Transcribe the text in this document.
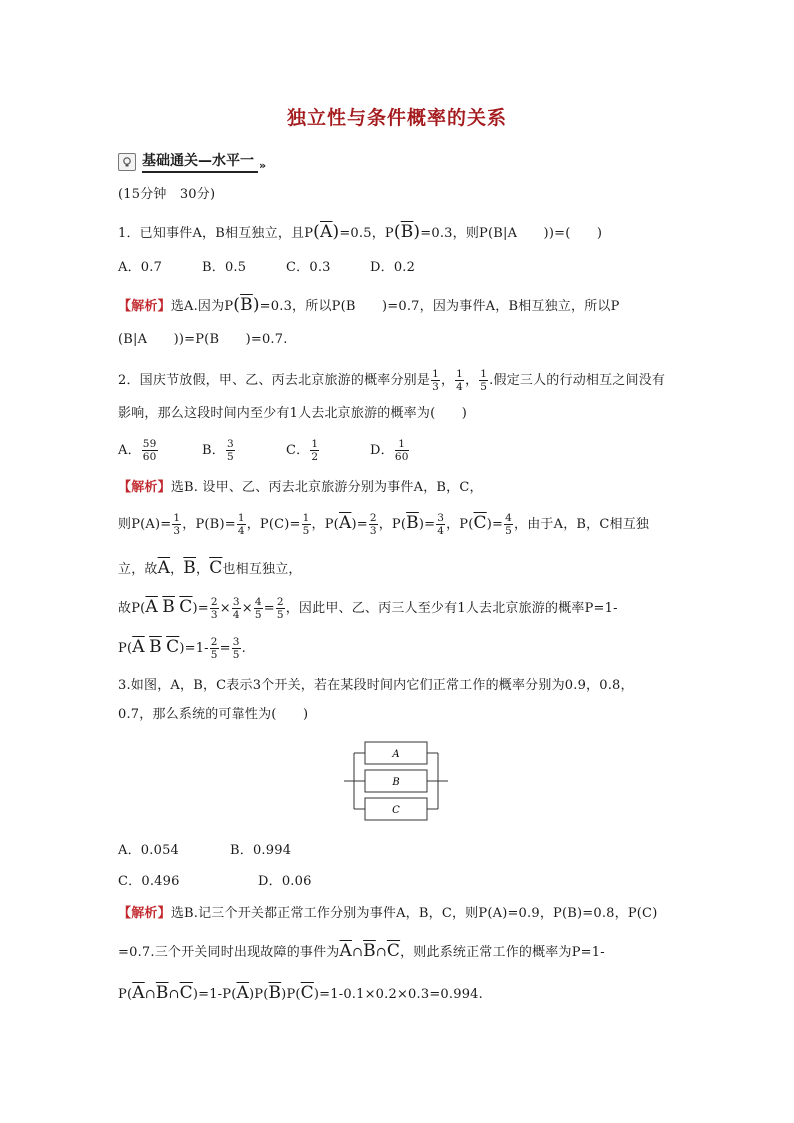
独立性与条件概率的关系
基础通关—水平一 »
(15分钟　30分)
1．已知事件A，B相互独立，且$P(\overline{A})=0.5$，$P(\overline{B})=0.3$，则P(B|A　　))=(　　)
A．0.7	B．0.5	C．0.3	D．0.2
【解析】选A.因为$P(\overline{B})=0.3$，所以P(B　　)=0.7，因为事件A，B相互独立，所以P
(B|A　　))=P(B　　)=0.7.
2．国庆节放假，甲、乙、丙去北京旅游的概率分别是 $\frac{1}{3}$ ， $\frac{1}{4}$ ， $\frac{1}{5}$ .假定三人的行动相互之间没有
影响，那么这段时间内至少有1人去北京旅游的概率为(　　)
A． $\frac{59}{60}$	B． $\frac{3}{5}$	C． $\frac{1}{2}$	D． $\frac{1}{60}$
【解析】选B. 设甲、乙、丙去北京旅游分别为事件A，B，C，
则$P(A)= \frac{1}{3}$ ，$P(B)= \frac{1}{4}$ ，$P(C)= \frac{1}{5}$ ，$P(\overline{A})= \frac{2}{3}$ ，$P(\overline{B})= \frac{3}{4}$ ，$P(\overline{C})= \frac{4}{5}$ ，由于A，B，C相互独
立，故$\overline{A}$，$\overline{B}$，$\overline{C}$也相互独立，
故$P(\overline{A}$ $\overline{B}$ $\overline{C})= \frac{2}{3} \times \frac{3}{4} \times \frac{4}{5} = \frac{2}{5}$ ，因此甲、乙、丙三人至少有1人去北京旅游的概率P=1-
$P(\overline{A}$ $\overline{B}$ $\overline{C})=1- \frac{2}{5} = \frac{3}{5}$ .
3.如图，A，B，C表示3个开关，若在某段时间内它们正常工作的概率分别为0.9，0.8，
0.7，那么系统的可靠性为(　　)
A
B
C
A．0.054	B．0.994
C．0.496	D．0.06
【解析】选B.记三个开关都正常工作分别为事件A，B，C，则P(A)=0.9，P(B)=0.8，P(C)
=0.7.三个开关同时出现故障的事件为$\overline{A}\cap\overline{B}\cap\overline{C}$，则此系统正常工作的概率为P=1-
$P(\overline{A}\cap\overline{B}\cap\overline{C})=1-P(\overline{A})P(\overline{B})P(\overline{C})=1-0.1\times 0.2\times 0.3=0.994$.
